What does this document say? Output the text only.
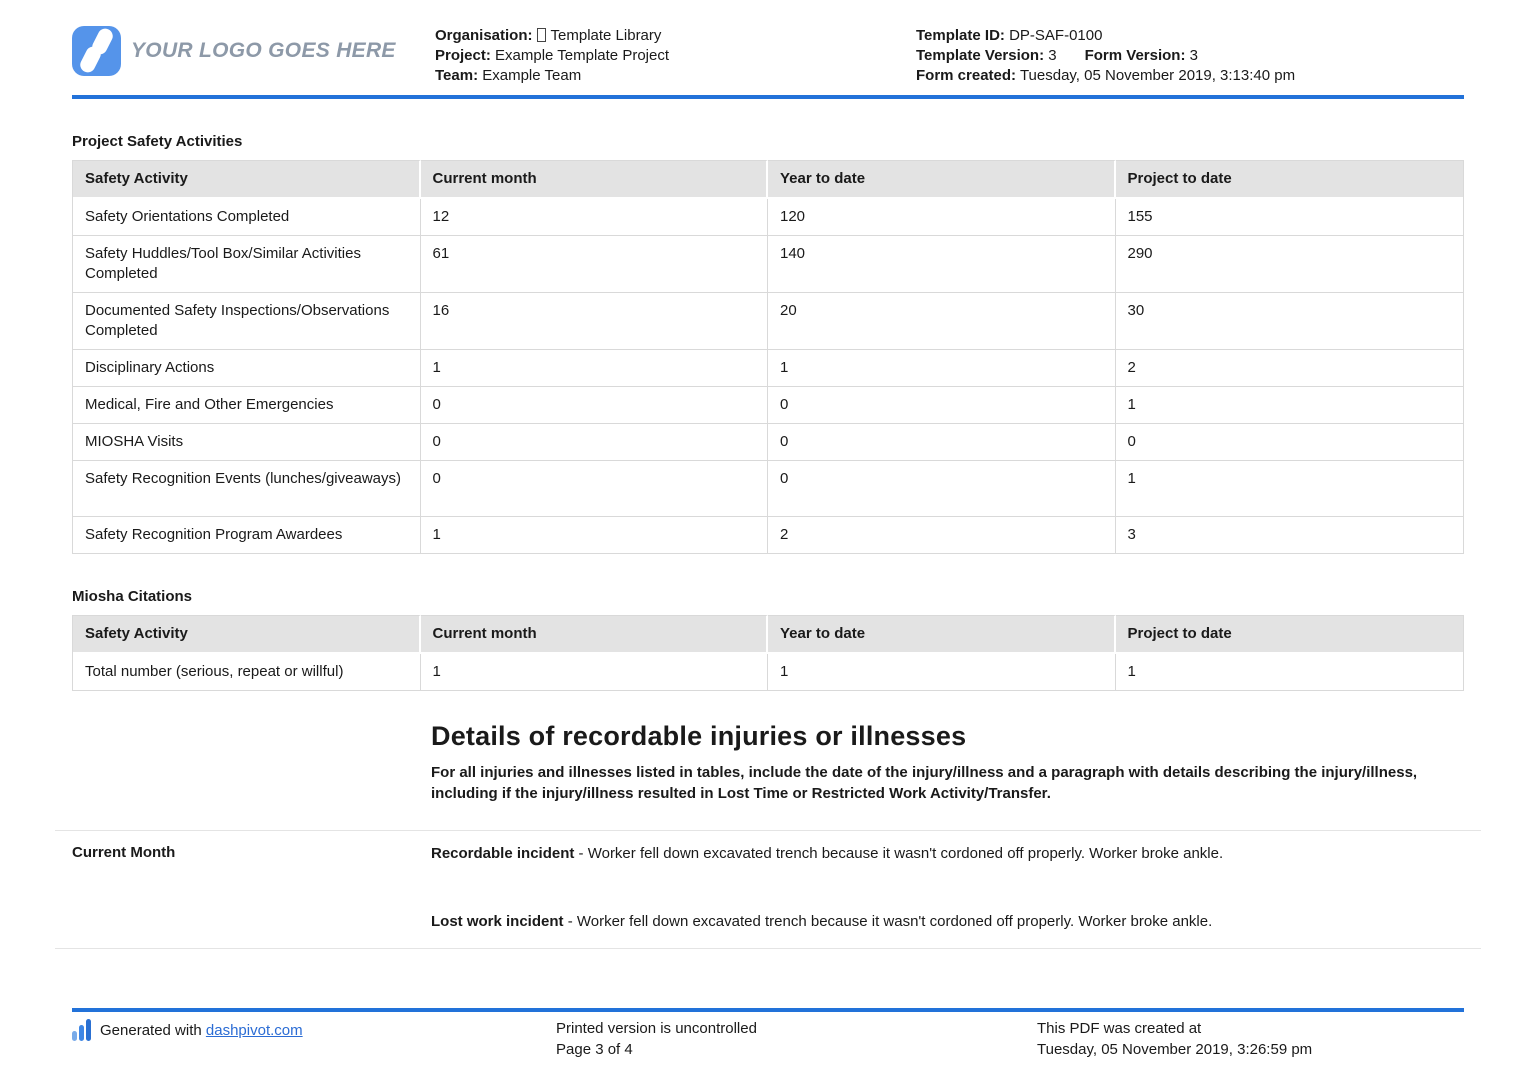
YOUR LOGO GOES HERE
Organisation: Template Library
Project: Example Template Project
Team: Example Team
Template ID: DP-SAF-0100
Template Version: 3 Form Version: 3
Form created: Tuesday, 05 November 2019, 3:13:40 pm
Project Safety Activities
Safety Activity	Current month	Year to date	Project to date
Safety Orientations Completed	12	120	155
Safety Huddles/Tool Box/Similar Activities Completed	61	140	290
Documented Safety Inspections/Observations Completed	16	20	30
Disciplinary Actions	1	1	2
Medical, Fire and Other Emergencies	0	0	1
MIOSHA Visits	0	0	0
Safety Recognition Events (lunches/giveaways)	0	0	1
Safety Recognition Program Awardees	1	2	3
Miosha Citations
Safety Activity	Current month	Year to date	Project to date
Total number (serious, repeat or willful)	1	1	1
Details of recordable injuries or illnesses
For all injuries and illnesses listed in tables, include the date of the injury/illness and a paragraph with details describing the injury/illness, including if the injury/illness resulted in Lost Time or Restricted Work Activity/Transfer.
Current Month	Recordable incident - Worker fell down excavated trench because it wasn't cordoned off properly. Worker broke ankle.
Lost work incident - Worker fell down excavated trench because it wasn't cordoned off properly. Worker broke ankle.
Generated with
dashpivot.com	Printed version is uncontrolled
Page 3 of 4
This PDF was created at
Tuesday, 05 November 2019, 3:26:59 pm
